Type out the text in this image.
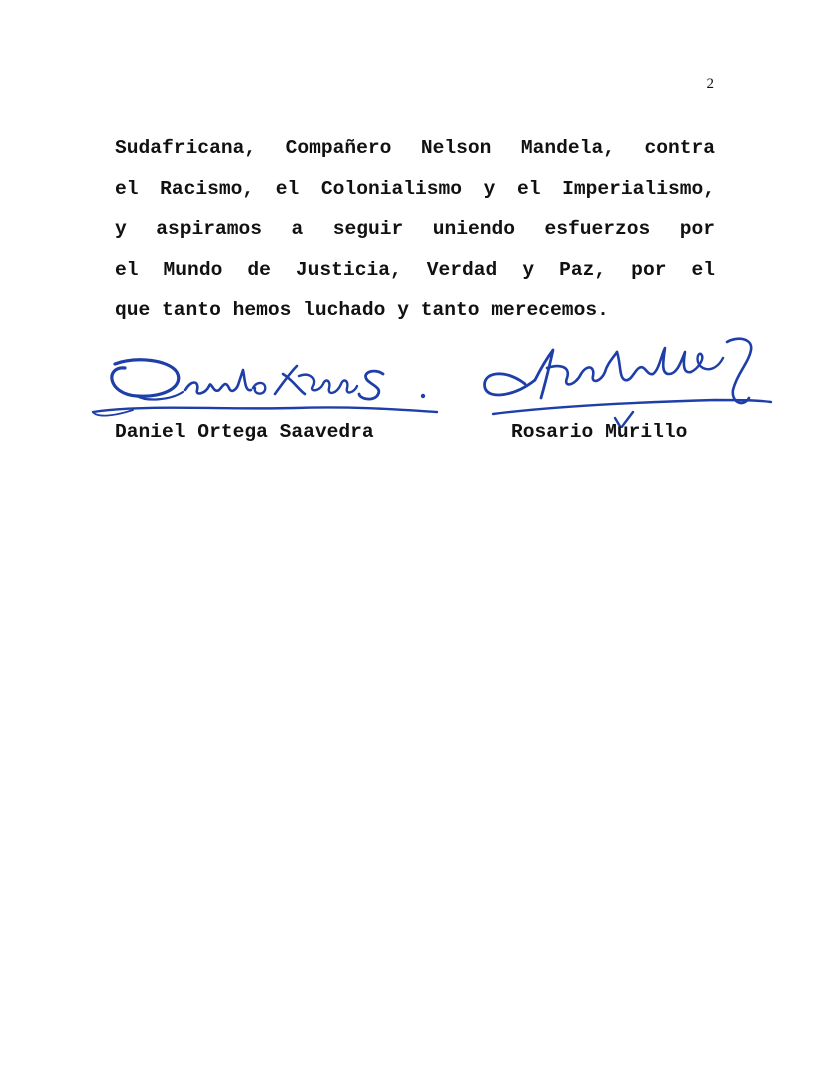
2
Sudafricana, Compañero Nelson Mandela, contra
el Racismo, el Colonialismo y el Imperialismo,
y aspiramos a seguir uniendo esfuerzos por
el Mundo de Justicia, Verdad y Paz, por el
que tanto hemos luchado y tanto merecemos.
Daniel Ortega Saavedra	Rosario Murillo
